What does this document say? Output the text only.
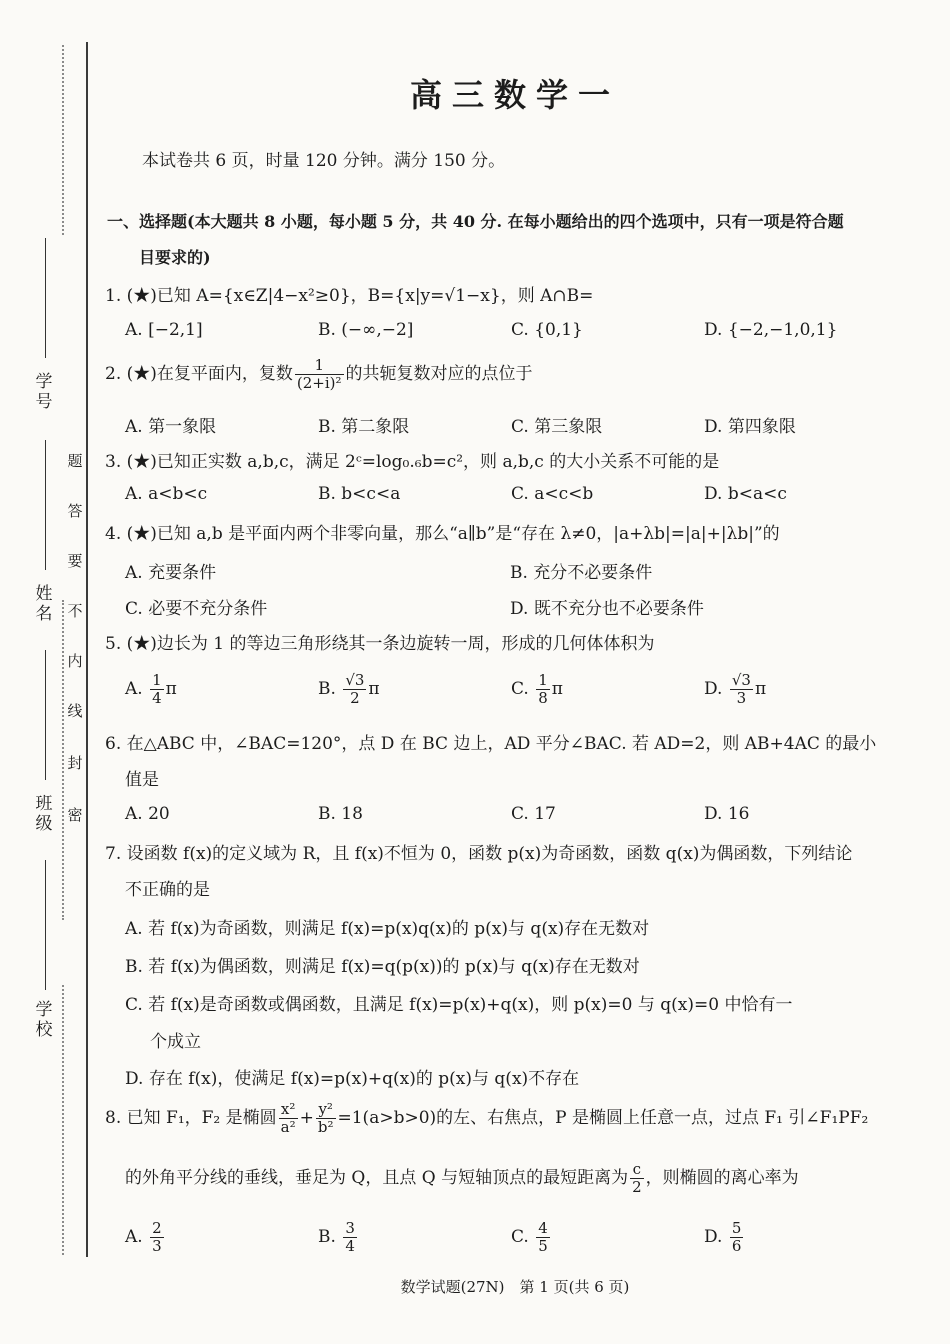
学 号
姓 名
班 级
学 校
密
封
线
内
不
要
答
题
高三数学一
本试卷共 6 页，时量 120 分钟。满分 150 分。
一、选择题(本大题共 8 小题，每小题 5 分，共 40 分. 在每小题给出的四个选项中，只有一项是符合题
目要求的)
1. (★)已知 A={x∈Z|4−x²≥0}，B={x|y=√1−x}，则 A∩B=
A. [−2,1]	B. (−∞,−2]	C. {0,1}	D. {−2,−1,0,1}
2. (★)在复平面内，复数 $\frac{1}{\text{(2+i)²}}$ 的共轭复数对应的点位于
A. 第一象限	B. 第二象限	C. 第三象限	D. 第四象限
3. (★)已知正实数 a,b,c，满足 2ᶜ=log₀.₆b=c²，则 a,b,c 的大小关系不可能的是
A. a<b<c	B. b<c<a	C. a<c<b	D. b<a<c
4. (★)已知 a,b 是平面内两个非零向量，那么“a∥b”是“存在 λ≠0，|a+λb|=|a|+|λb|”的
A. 充要条件	B. 充分不必要条件
C. 必要不充分条件	D. 既不充分也不必要条件
5. (★)边长为 1 的等边三角形绕其一条边旋转一周，形成的几何体体积为
A. $\frac{1}{4}$ π	B. $\frac{√3}{2}$ π	C. $\frac{1}{8}$ π	D. $\frac{√3}{3}$ π
6. 在△ABC 中，∠BAC=120°，点 D 在 BC 边上，AD 平分∠BAC. 若 AD=2，则 AB+4AC 的最小
值是
A. 20	B. 18	C. 17	D. 16
7. 设函数 f(x)的定义域为 R，且 f(x)不恒为 0，函数 p(x)为奇函数，函数 q(x)为偶函数，下列结论
不正确的是
A. 若 f(x)为奇函数，则满足 f(x)=p(x)q(x)的 p(x)与 q(x)存在无数对
B. 若 f(x)为偶函数，则满足 f(x)=q(p(x))的 p(x)与 q(x)存在无数对
C. 若 f(x)是奇函数或偶函数，且满足 f(x)=p(x)+q(x)，则 p(x)=0 与 q(x)=0 中恰有一
个成立
D. 存在 f(x)，使满足 f(x)=p(x)+q(x)的 p(x)与 q(x)不存在
8. 已知 F₁，F₂ 是椭圆 $\frac{\text{x²}}{\text{a²}} + \frac{\text{y²}}{\text{b²}} =1(a>b>0)$的左、右焦点，P 是椭圆上任意一点，过点 F₁ 引∠F₁PF₂
的外角平分线的垂线，垂足为 Q，且点 Q 与短轴顶点的最短距离为 $\frac{c}{2}$ ，则椭圆的离心率为
A. $\frac{2}{3}$	B. $\frac{3}{4}$	C. $\frac{4}{5}$	D. $\frac{5}{6}$
数学试题(27N)　第 1 页(共 6 页)
